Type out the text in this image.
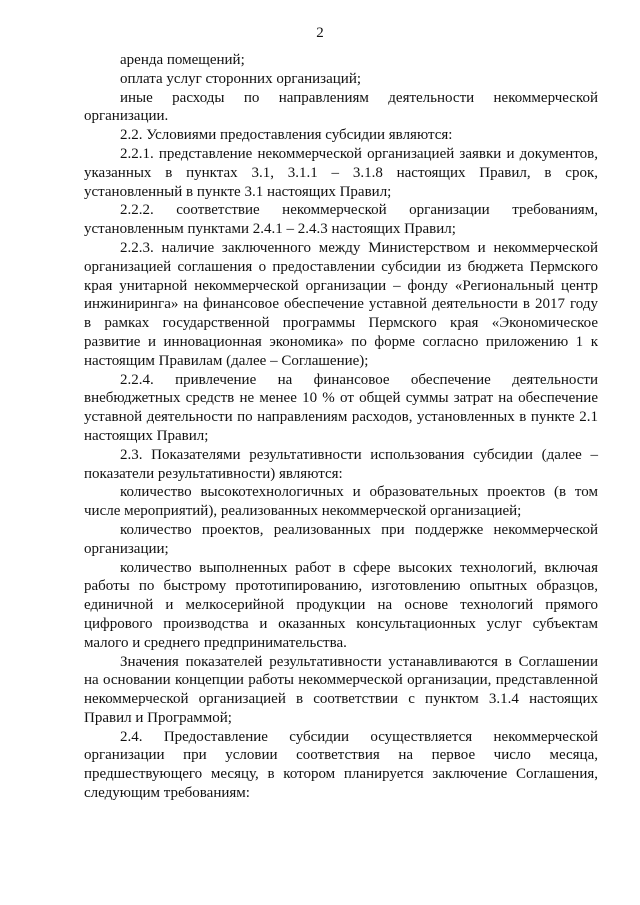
2

аренда помещений;

оплата услуг сторонних организаций;

иные расходы по направлениям деятельности некоммерческой организации.

2.2. Условиями предоставления субсидии являются:

2.2.1. представление некоммерческой организацией заявки и документов, указанных в пунктах 3.1, 3.1.1 – 3.1.8 настоящих Правил, в срок, установленный в пункте 3.1 настоящих Правил;

2.2.2. соответствие некоммерческой организации требованиям, установленным пунктами 2.4.1 – 2.4.3 настоящих Правил;

2.2.3. наличие заключенного между Министерством и некоммерческой организацией соглашения о предоставлении субсидии из бюджета Пермского края унитарной некоммерческой организации – фонду «Региональный центр инжиниринга» на финансовое обеспечение уставной деятельности в 2017 году в рамках государственной программы Пермского края «Экономическое развитие и инновационная экономика» по форме согласно приложению 1 к настоящим Правилам (далее – Соглашение);

2.2.4. привлечение на финансовое обеспечение деятельности внебюджетных средств не менее 10 % от общей суммы затрат на обеспечение уставной деятельности по направлениям расходов, установленных в пункте 2.1 настоящих Правил;

2.3. Показателями результативности использования субсидии (далее – показатели результативности) являются:

количество высокотехнологичных и образовательных проектов (в том числе мероприятий), реализованных некоммерческой организацией;

количество проектов, реализованных при поддержке некоммерческой организации;

количество выполненных работ в сфере высоких технологий, включая работы по быстрому прототипированию, изготовлению опытных образцов, единичной и мелкосерийной продукции на основе технологий прямого цифрового производства и оказанных консультационных услуг субъектам малого и среднего предпринимательства.

Значения показателей результативности устанавливаются в Соглашении на основании концепции работы некоммерческой организации, представленной некоммерческой организацией в соответствии с пунктом 3.1.4 настоящих Правил и Программой;

2.4. Предоставление субсидии осуществляется некоммерческой организации при условии соответствия на первое число месяца, предшествующего месяцу, в котором планируется заключение Соглашения, следующим требованиям:
